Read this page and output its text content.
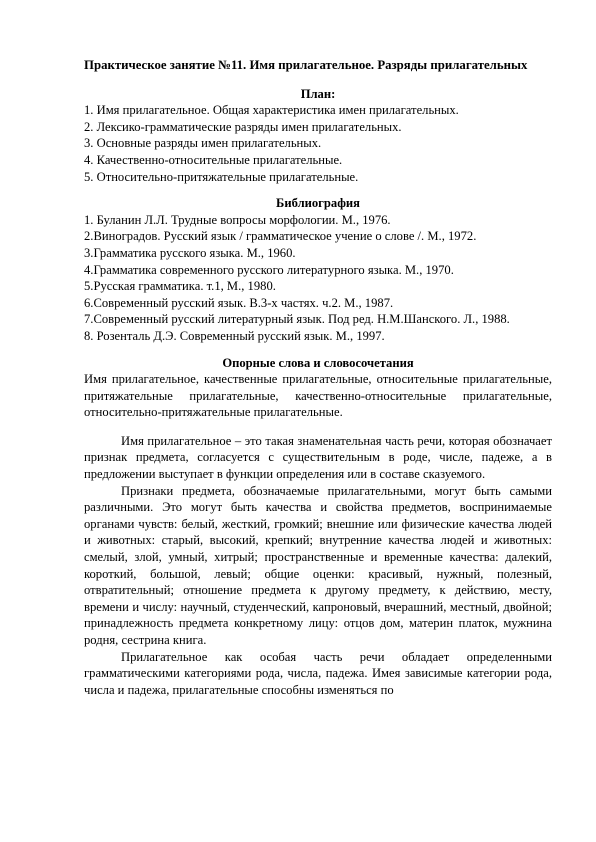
Практическое занятие №11. Имя прилагательное. Разряды прилагательных

План:

1. Имя прилагательное. Общая характеристика имен прилагательных.
2. Лексико-грамматические разряды имен прилагательных.
3. Основные разряды имен прилагательных.
4. Качественно-относительные прилагательные.
5. Относительно-притяжательные прилагательные.

Библиография

1. Буланин Л.Л. Трудные вопросы морфологии. М., 1976.
2.Виноградов. Русский язык / грамматическое учение о слове /. М., 1972.
3.Грамматика русского языка. М., 1960.
4.Грамматика современного русского литературного языка. М., 1970.
5.Русская грамматика. т.1, М., 1980.
6.Современный русский язык. В.3-х частях. ч.2. М., 1987.
7.Современный русский литературный язык. Под ред. Н.М.Шанского. Л., 1988.
8. Розенталь Д.Э. Современный русский язык. М., 1997.

Опорные слова и словосочетания

Имя прилагательное, качественные прилагательные, относительные прилагательные, притяжательные прилагательные, качественно-относительные прилагательные, относительно-притяжательные прилагательные.

Имя прилагательное – это такая знаменательная часть речи, которая обозначает признак предмета, согласуется с существительным в роде, числе, падеже, а в предложении выступает в функции определения или в составе сказуемого.

Признаки предмета, обозначаемые прилагательными, могут быть самыми различными. Это могут быть качества и свойства предметов, воспринимаемые органами чувств: белый, жесткий, громкий; внешние или физические качества людей и животных: старый, высокий, крепкий; внутренние качества людей и животных: смелый, злой, умный, хитрый; пространственные и временные качества: далекий, короткий, большой, левый; общие оценки: красивый, нужный, полезный, отвратительный; отношение предмета к другому предмету, к действию, месту, времени и числу: научный, студенческий, капроновый, вчерашний, местный, двойной; принадлежность предмета конкретному лицу: отцов дом, материн платок, мужнина родня, сестрина книга.

Прилагательное как особая часть речи обладает определенными грамматическими категориями рода, числа, падежа. Имея зависимые категории рода, числа и падежа, прилагательные способны изменяться по
